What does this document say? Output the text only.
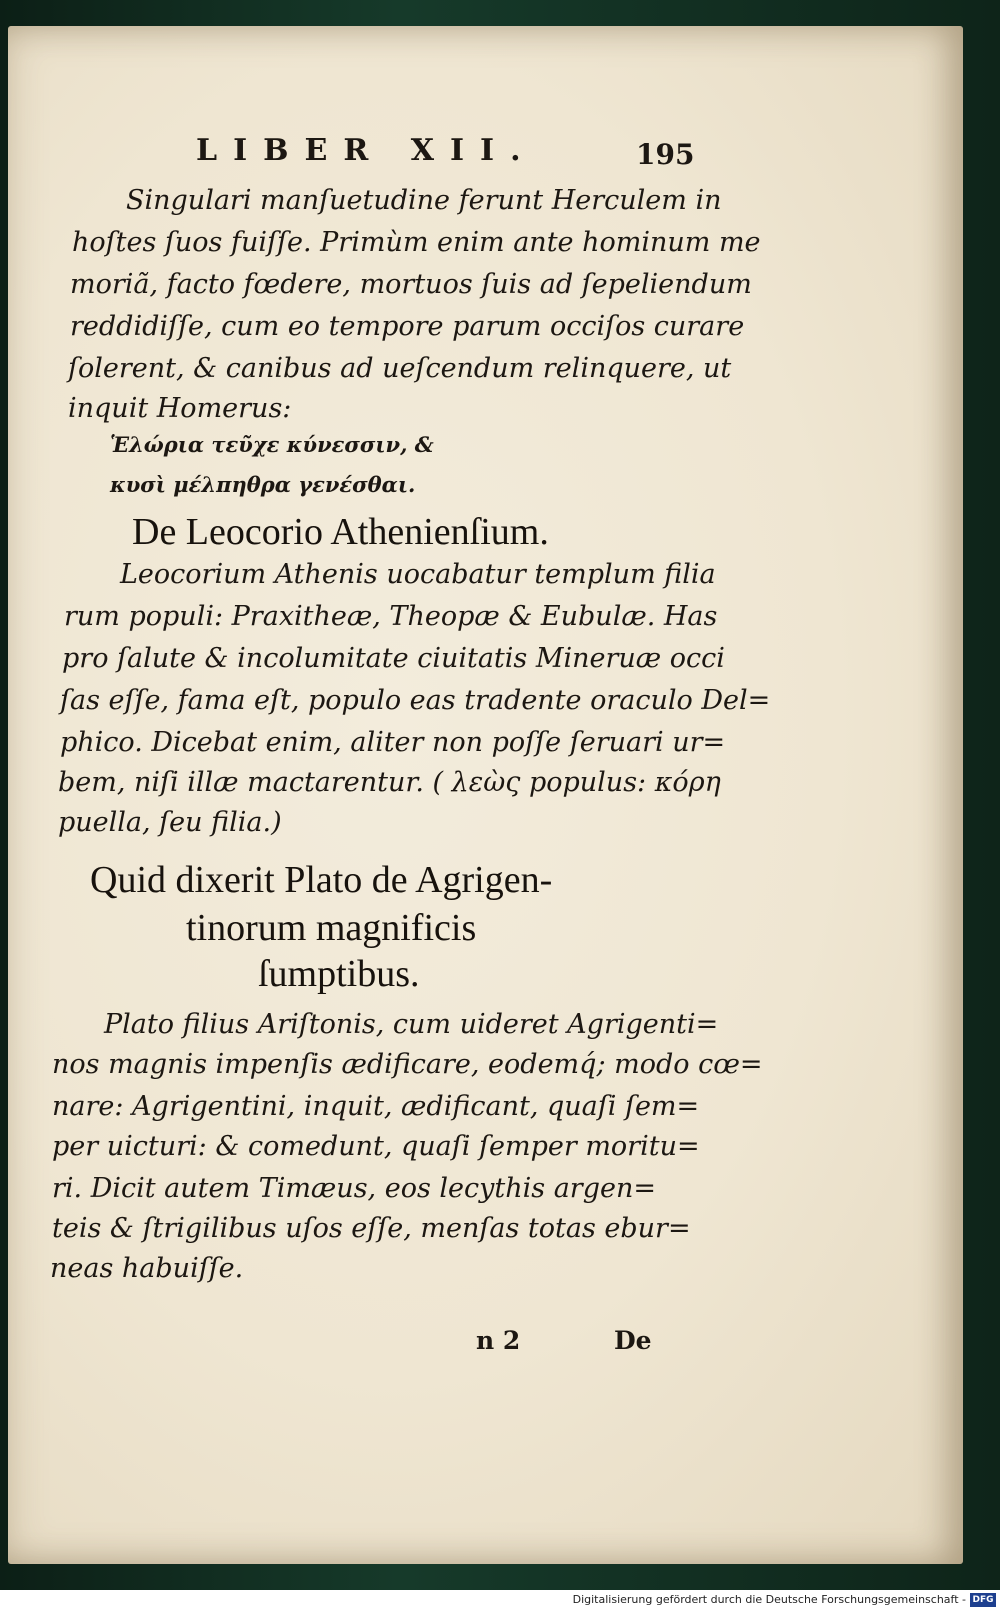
LIBER XII.	195
Singulari manſuetudine ferunt Herculem in
hoſtes ſuos fuiſſe. Primùm enim ante hominum me
moriã, facto fœdere, mortuos ſuis ad ſepeliendum
reddidiſſe, cum eo tempore parum occiſos curare
ſolerent, & canibus ad ueſcendum relinquere, ut
inquit Homerus:
Ἑλώρια τεῦχε κύνεσσιν, &
κυσὶ μέλπηθρα γενέσθαι.
De Leocorio Athenienſium.
Leocorium Athenis uocabatur templum filia
rum populi: Praxitheæ, Theopæ & Eubulæ. Has
pro ſalute & incolumitate ciuitatis Mineruæ occi
ſas eſſe, fama eſt, populo eas tradente oraculo Del=
phico. Dicebat enim, aliter non poſſe ſeruari ur=
bem, niſi illæ mactarentur. ( λεὼς populus: κόρη
puella, ſeu filia.)
Quid dixerit Plato de Agrigen-
tinorum magnificis
ſumptibus.
Plato filius Ariſtonis, cum uideret Agrigenti=
nos magnis impenſis ædificare, eodemq́; modo cœ=
nare: Agrigentini, inquit, ædificant, quaſi ſem=
per uicturi: & comedunt, quaſi ſemper moritu=
ri. Dicit autem Timæus, eos lecythis argen=
teis & ſtrigilibus uſos eſſe, menſas totas ebur=
neas habuiſſe.
n 2	De
Digitalisierung gefördert durch die Deutsche Forschungsgemeinschaft - DFG
